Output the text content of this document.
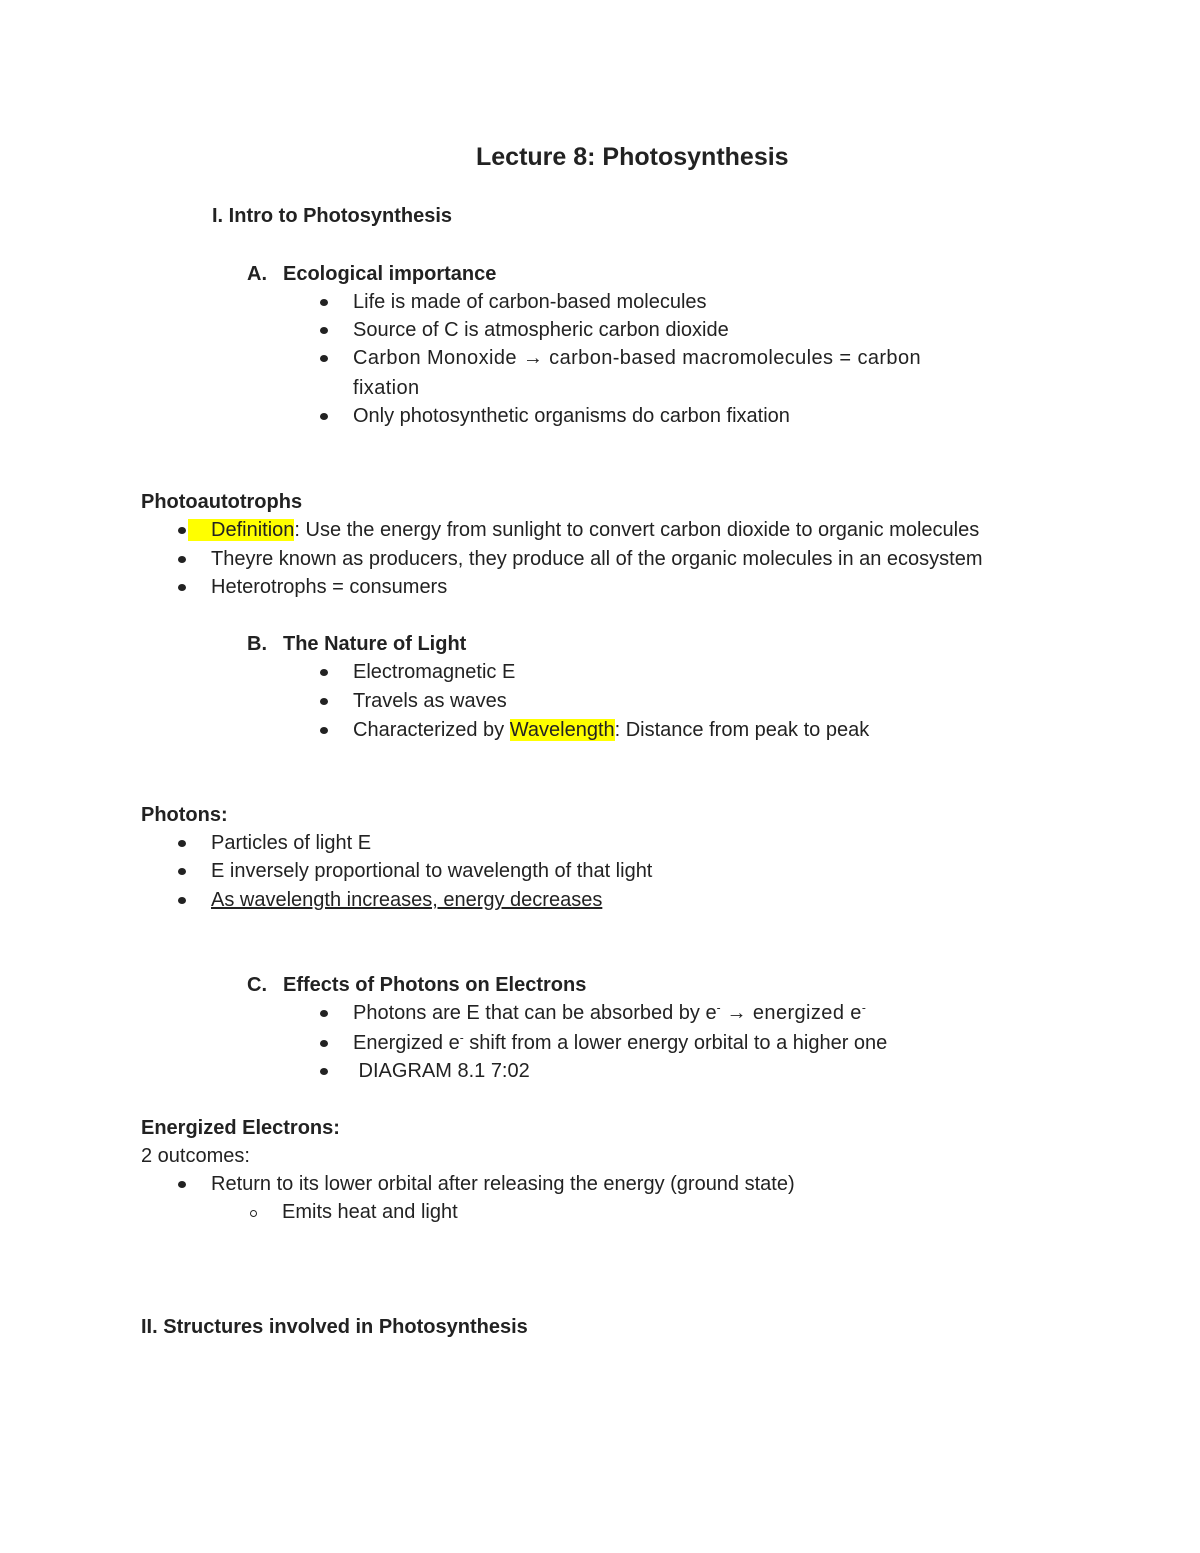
Lecture 8: Photosynthesis
I. Intro to Photosynthesis
A. Ecological importance
Life is made of carbon-based molecules
Source of C is atmospheric carbon dioxide
Carbon Monoxide → carbon-based macromolecules = carbon
fixation
Only photosynthetic organisms do carbon fixation
Photoautotrophs
Definition: Use the energy from sunlight to convert carbon dioxide to organic molecules
Theyre known as producers, they produce all of the organic molecules in an ecosystem
Heterotrophs = consumers
B. The Nature of Light
Electromagnetic E
Travels as waves
Characterized by Wavelength: Distance from peak to peak
Photons:
Particles of light E
E inversely proportional to wavelength of that light
As wavelength increases, energy decreases
C. Effects of Photons on Electrons
Photons are E that can be absorbed by e- → energized e-
Energized e- shift from a lower energy orbital to a higher one
DIAGRAM 8.1 7:02
Energized Electrons:
2 outcomes:
Return to its lower orbital after releasing the energy (ground state)
Emits heat and light
II. Structures involved in Photosynthesis
